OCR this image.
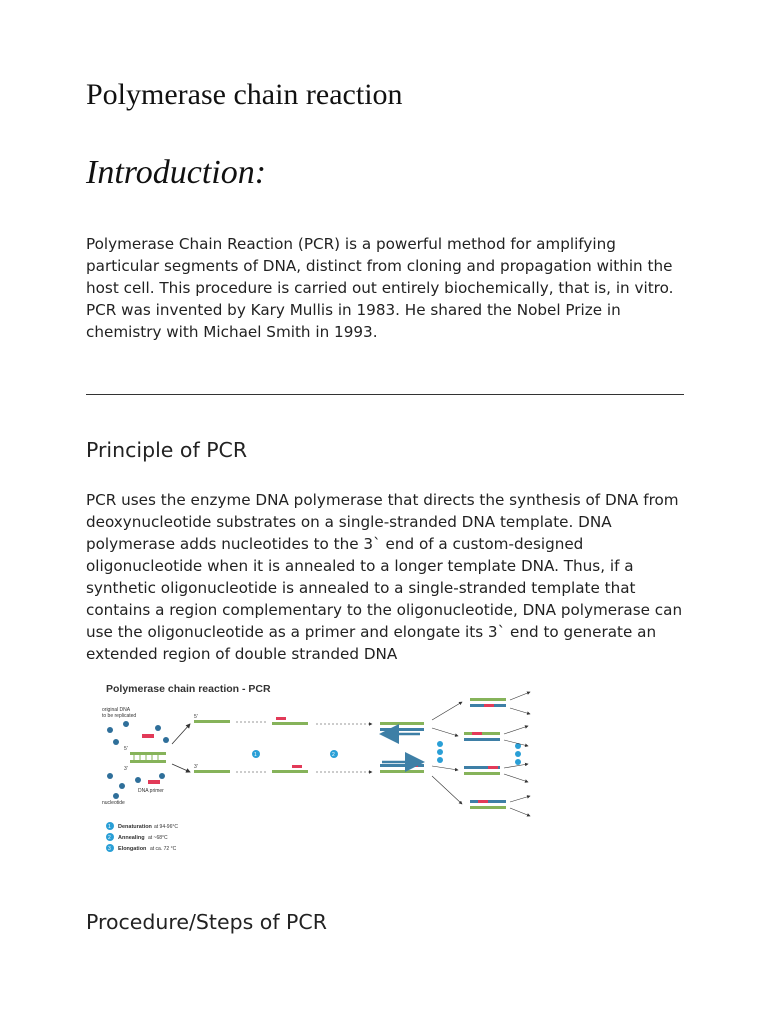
Polymerase chain reaction
Introduction:

Polymerase Chain Reaction (PCR) is a powerful method for amplifying particular segments of DNA, distinct from cloning and propagation within the host cell. This procedure is carried out entirely biochemically, that is, in vitro. PCR was invented by Kary Mullis in 1983. He shared the Nobel Prize in chemistry with Michael Smith in 1993.

Principle of PCR

PCR uses the enzyme DNA polymerase that directs the synthesis of DNA from deoxynucleotide substrates on a single-stranded DNA template. DNA polymerase adds nucleotides to the 3` end of a custom-designed oligonucleotide when it is annealed to a longer template DNA. Thus, if a synthetic oligonucleotide is annealed to a single-stranded template that contains a region complementary to the oligonucleotide, DNA polymerase can use the oligonucleotide as a primer and elongate its 3` end to generate an extended region of double stranded DNA

Polymerase chain reaction - PCR
original DNA
to be replicated
DNA primer
nucleotide
5'
3'
5'
3'
1	2
1 Denaturation at 94-96°C
2 Annealing at ~68°C
3 Elongation at ca. 72 °C
Procedure/Steps of PCR
